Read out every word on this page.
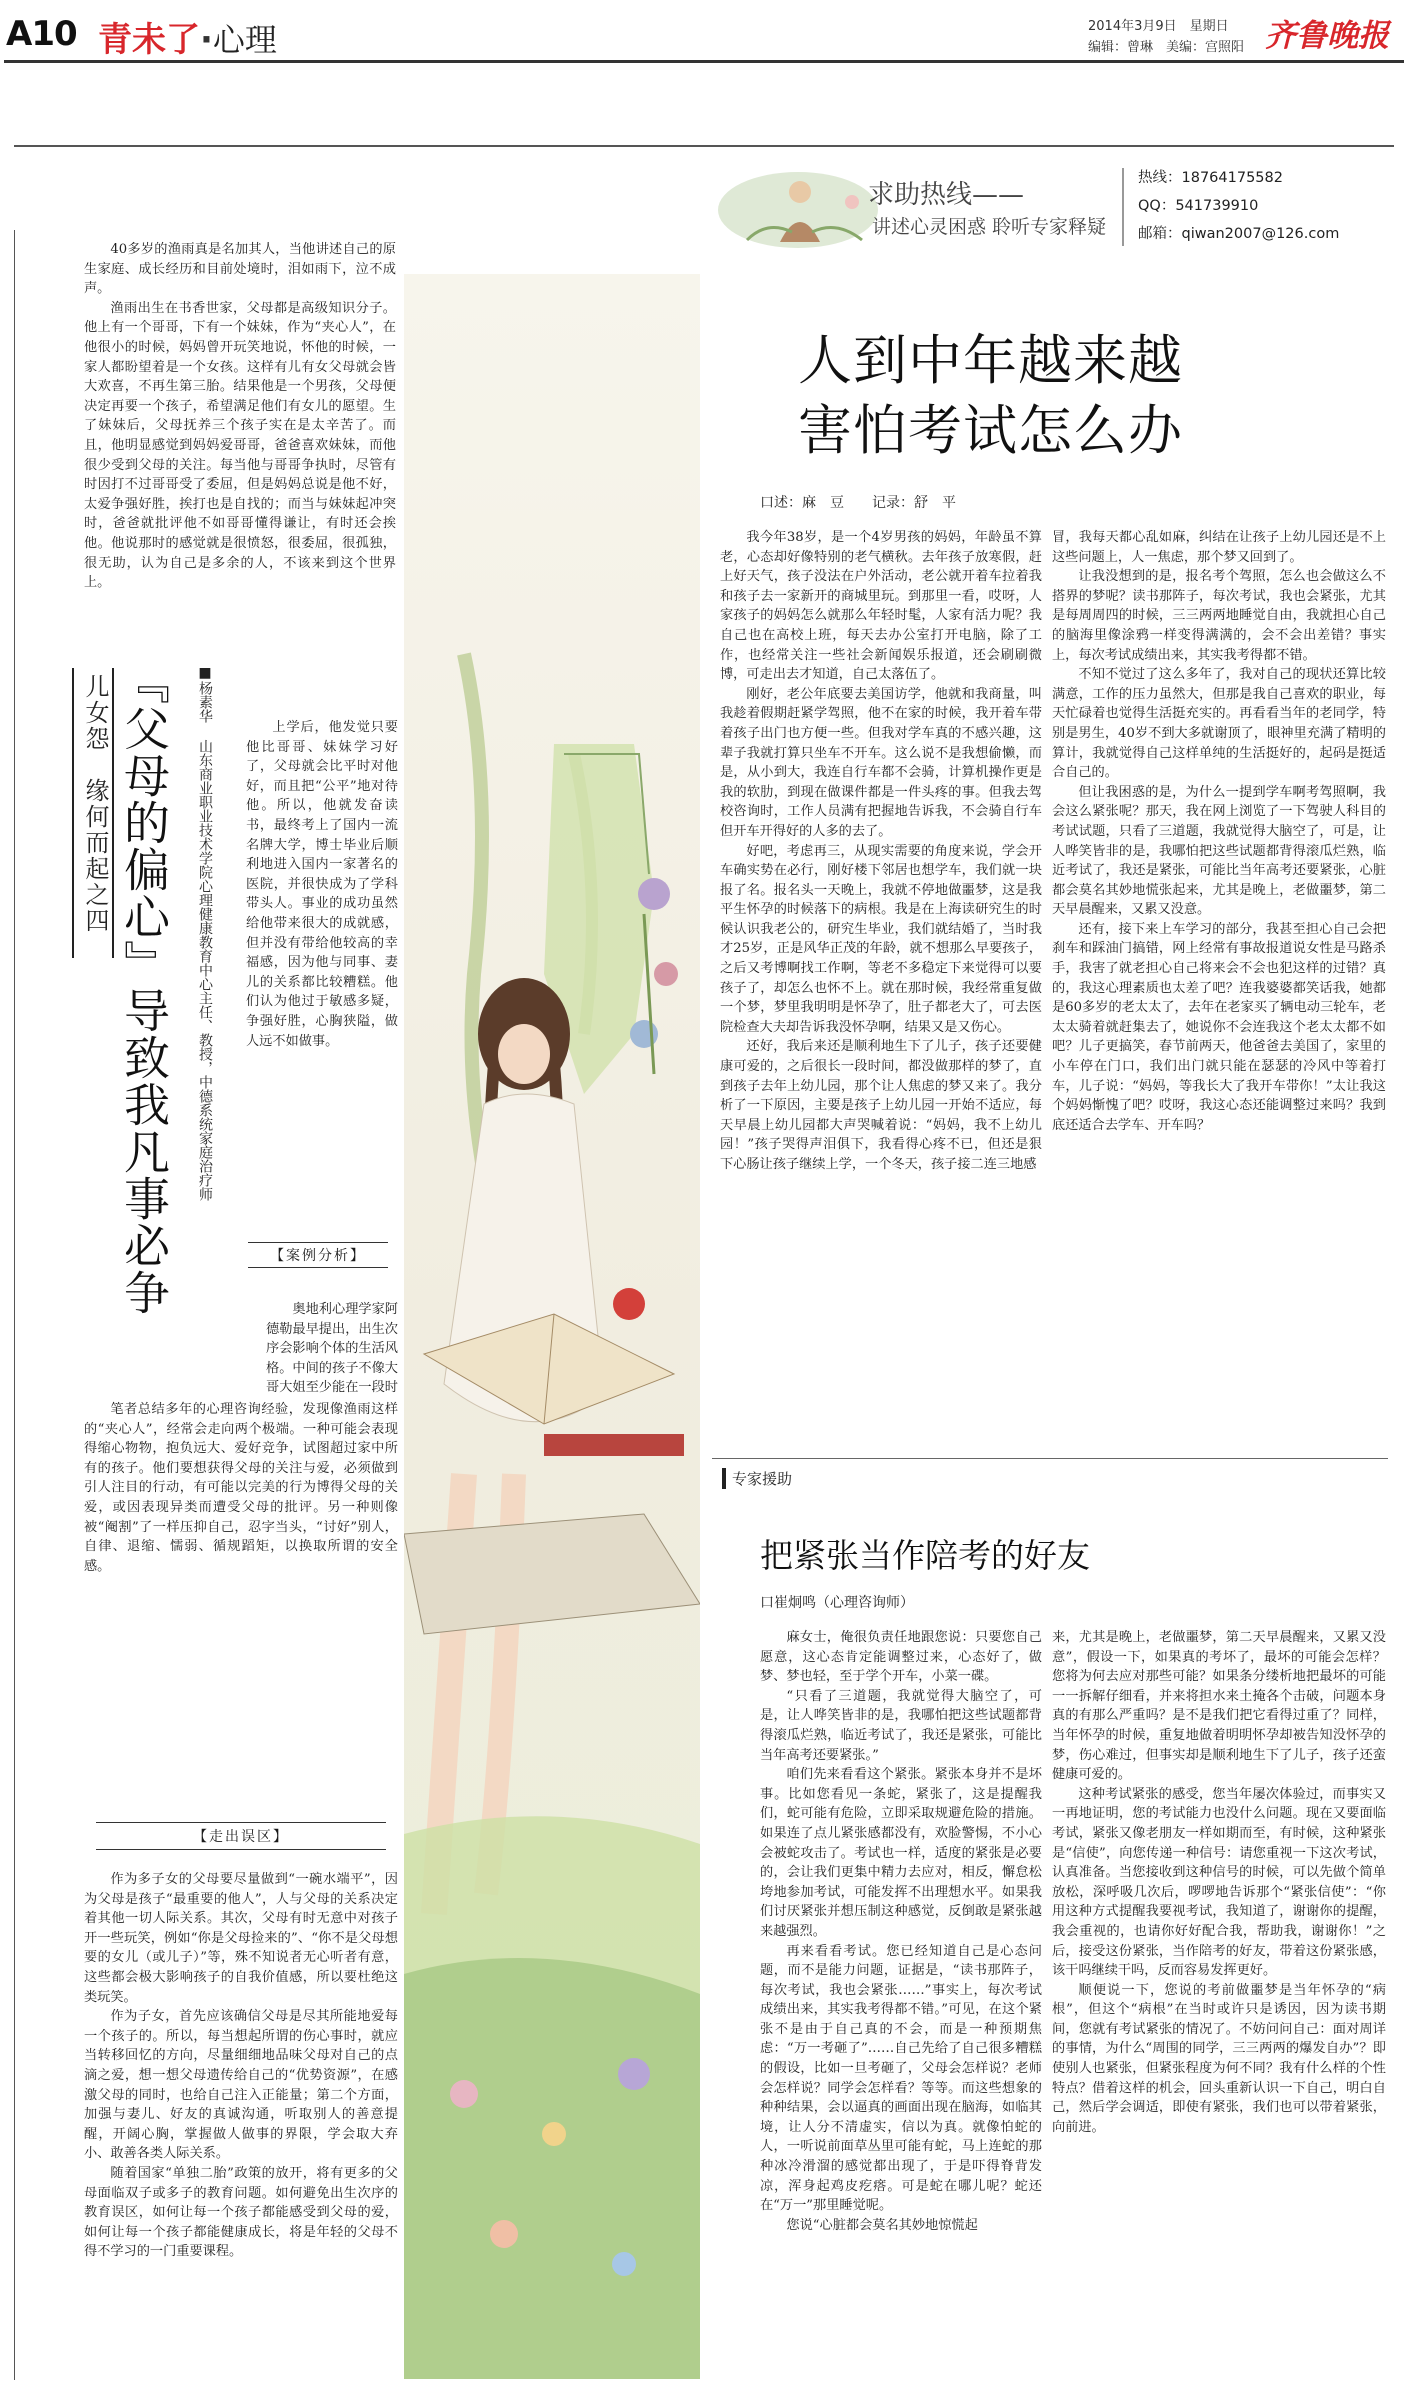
A10 青未了·心理	2014年3月9日　星期日
编辑：曾琳　美编：宫照阳 齐鲁晚报
求助热线——
讲述心灵困惑 聆听专家释疑
热线：18764175582
QQ：541739910
邮箱：qiwan2007@126.com

40多岁的渔雨真是名加其人，当他讲述自己的原生家庭、成长经历和目前处境时，泪如雨下，泣不成声。

渔雨出生在书香世家，父母都是高级知识分子。他上有一个哥哥，下有一个妹妹，作为“夹心人”，在他很小的时候，妈妈曾开玩笑地说，怀他的时候，一家人都盼望着是一个女孩。这样有儿有女父母就会皆大欢喜，不再生第三胎。结果他是一个男孩，父母便决定再要一个孩子，希望满足他们有女儿的愿望。生了妹妹后，父母抚养三个孩子实在是太辛苦了。而且，他明显感觉到妈妈爱哥哥，爸爸喜欢妹妹，而他很少受到父母的关注。每当他与哥哥争执时，尽管有时因打不过哥哥受了委屈，但是妈妈总说是他不好，太爱争强好胜，挨打也是自找的；而当与妹妹起冲突时，爸爸就批评他不如哥哥懂得谦让，有时还会挨他。他说那时的感觉就是很愤怒，很委屈，很孤独，很无助，认为自己是多余的人，不该来到这个世界上。

儿女怨　缘何而起之四 『父母的偏心』导致我凡事必争 ■杨素华 山东商业职业技术学院心理健康教育中心主任、教授，中德系统家庭治疗师	上学后，他发觉只要他比哥哥、妹妹学习好了，父母就会比平时对他好，而且把“公平”地对待他。所以，他就发奋读书，最终考上了国内一流名牌大学，博士毕业后顺利地进入国内一家著名的医院，并很快成为了学科带头人。事业的成功虽然给他带来很大的成就感，但并没有带给他较高的幸福感，因为他与同事、妻儿的关系都比较糟糕。他们认为他过于敏感多疑，争强好胜，心胸狭隘，做人远不如做事。

【案例分析】

奥地利心理学家阿德勒最早提出，出生次序会影响个体的生活风格。中间的孩子不像大哥大姐至少能在一段时

笔者总结多年的心理咨询经验，发现像渔雨这样的“夹心人”，经常会走向两个极端。一种可能会表现得缩心物物，抱负远大、爱好竞争，试图超过家中所有的孩子。他们要想获得父母的关注与爱，必须做到引人注目的行动，有可能以完美的行为博得父母的关爱，或因表现异类而遭受父母的批评。另一种则像被“阉割”了一样压抑自己，忍字当头，“讨好”别人，自律、退缩、懦弱、循规蹈矩，以换取所谓的安全感。

【走出误区】

作为多子女的父母要尽量做到“一碗水端平”，因为父母是孩子“最重要的他人”，人与父母的关系决定着其他一切人际关系。其次，父母有时无意中对孩子开一些玩笑，例如“你是父母捡来的”、“你不是父母想要的女儿（或儿子）”等，殊不知说者无心听者有意，这些都会极大影响孩子的自我价值感，所以要杜绝这类玩笑。

作为子女，首先应该确信父母是尽其所能地爱每一个孩子的。所以，每当想起所谓的伤心事时，就应当转移回忆的方向，尽量细细地品味父母对自己的点滴之爱，想一想父母遗传给自己的“优势资源”，在感激父母的同时，也给自己注入正能量；第二个方面，加强与妻儿、好友的真诚沟通，听取别人的善意提醒，开阔心胸，掌握做人做事的界限，学会取大弃小、敢善各类人际关系。

随着国家“单独二胎”政策的放开，将有更多的父母面临双子或多子的教育问题。如何避免出生次序的教育误区，如何让每一个孩子都能感受到父母的爱，如何让每一个孩子都能健康成长，将是年轻的父母不得不学习的一门重要课程。

人到中年越来越
害怕考试怎么办
口述：麻　豆　　记录：舒　平

我今年38岁，是一个4岁男孩的妈妈，年龄虽不算老，心态却好像特别的老气横秋。去年孩子放寒假，赶上好天气，孩子没法在户外活动，老公就开着车拉着我和孩子去一家新开的商城里玩。到那里一看，哎呀，人家孩子的妈妈怎么就那么年轻时髦，人家有活力呢？我自己也在高校上班，每天去办公室打开电脑，除了工作，也经常关注一些社会新闻娱乐报道，还会刷刷微博，可走出去才知道，自己太落伍了。

刚好，老公年底要去美国访学，他就和我商量，叫我趁着假期赶紧学驾照，他不在家的时候，我开着车带着孩子出门也方便一些。但我对学车真的不感兴趣，这辈子我就打算只坐车不开车。这么说不是我想偷懒，而是，从小到大，我连自行车都不会骑，计算机操作更是我的软肋，到现在做课件都是一件头疼的事。但我去驾校咨询时，工作人员满有把握地告诉我，不会骑自行车但开车开得好的人多的去了。

好吧，考虑再三，从现实需要的角度来说，学会开车确实势在必行，刚好楼下邻居也想学车，我们就一块报了名。报名头一天晚上，我就不停地做噩梦，这是我平生怀孕的时候落下的病根。我是在上海读研究生的时候认识我老公的，研究生毕业，我们就结婚了，当时我才25岁，正是风华正茂的年龄，就不想那么早要孩子，之后又考博啊找工作啊，等老不多稳定下来觉得可以要孩子了，却怎么也怀不上。就在那时候，我经常重复做一个梦，梦里我明明是怀孕了，肚子都老大了，可去医院检查大夫却告诉我没怀孕啊，结果又是又伤心。

还好，我后来还是顺利地生下了儿子，孩子还要健康可爱的，之后很长一段时间，都没做那样的梦了，直到孩子去年上幼儿园，那个让人焦虑的梦又来了。我分析了一下原因，主要是孩子上幼儿园一开始不适应，每天早晨上幼儿园都大声哭喊着说：“妈妈，我不上幼儿园！”孩子哭得声泪俱下，我看得心疼不已，但还是狠下心肠让孩子继续上学，一个冬天，孩子接二连三地感

冒，我每天都心乱如麻，纠结在让孩子上幼儿园还是不上这些问题上，人一焦虑，那个梦又回到了。

让我没想到的是，报名考个驾照，怎么也会做这么不搭界的梦呢？读书那阵子，每次考试，我也会紧张，尤其是每周周四的时候，三三两两地睡觉自由，我就担心自己的脑海里像涂鸦一样变得满满的，会不会出差错？事实上，每次考试成绩出来，其实我考得都不错。

不知不觉过了这么多年了，我对自己的现状还算比较满意，工作的压力虽然大，但那是我自己喜欢的职业，每天忙碌着也觉得生活挺充实的。再看看当年的老同学，特别是男生，40岁不到大多就谢顶了，眼神里充满了精明的算计，我就觉得自己这样单纯的生活挺好的，起码是挺适合自己的。

但让我困惑的是，为什么一提到学车啊考驾照啊，我会这么紧张呢？那天，我在网上浏览了一下驾驶人科目的考试试题，只看了三道题，我就觉得大脑空了，可是，让人哗笑皆非的是，我哪怕把这些试题都背得滚瓜烂熟，临近考试了，我还是紧张，可能比当年高考还要紧张，心脏都会莫名其妙地慌张起来，尤其是晚上，老做噩梦，第二天早晨醒来，又累又没意。

还有，接下来上车学习的部分，我甚至担心自己会把刹车和踩油门搞错，网上经常有事故报道说女性是马路杀手，我害了就老担心自己将来会不会也犯这样的过错？真的，我这心理素质也太差了吧？连我婆婆都笑话我，她都是60多岁的老太太了，去年在老家买了辆电动三轮车，老太太骑着就赶集去了，她说你不会连我这个老太太都不如吧？儿子更搞笑，春节前两天，他爸爸去美国了，家里的小车停在门口，我们出门就只能在瑟瑟的冷风中等着打车，儿子说：“妈妈，等我长大了我开车带你！”太让我这个妈妈惭愧了吧？哎呀，我这心态还能调整过来吗？我到底还适合去学车、开车吗？

专家援助
把紧张当作陪考的好友
口崔炯鸣（心理咨询师）

麻女士，俺很负责任地跟您说：只要您自己愿意，这心态肯定能调整过来，心态好了，做梦、梦也轻，至于学个开车，小菜一碟。

“只看了三道题，我就觉得大脑空了，可是，让人哗笑皆非的是，我哪怕把这些试题都背得滚瓜烂熟，临近考试了，我还是紧张，可能比当年高考还要紧张。”

咱们先来看看这个紧张。紧张本身并不是坏事。比如您看见一条蛇，紧张了，这是提醒我们，蛇可能有危险，立即采取规避危险的措施。如果连了点儿紧张感都没有，欢脸警惕，不小心会被蛇攻击了。考试也一样，适度的紧张是必要的，会让我们更集中精力去应对，相反，懈怠松垮地参加考试，可能发挥不出理想水平。如果我们讨厌紧张并想压制这种感觉，反倒敢是紧张越来越强烈。

再来看看考试。您已经知道自己是心态问题，而不是能力问题，证据是，“读书那阵子，每次考试，我也会紧张……”事实上，每次考试成绩出来，其实我考得都不错。”可见，在这个紧张不是由于自己真的不会，而是一种预期焦虑：“万一考砸了”……自己先给了自己很多糟糕的假设，比如一旦考砸了，父母会怎样说？老师会怎样说？同学会怎样看？等等。而这些想象的种种结果，会以逼真的画面出现在脑海，如临其境，让人分不清虚实，信以为真。就像怕蛇的人，一听说前面草丛里可能有蛇，马上连蛇的那种冰冷滑溜的感觉都出现了，于是吓得脊背发凉，浑身起鸡皮疙瘩。可是蛇在哪儿呢？蛇还在“万一”那里睡觉呢。

您说“心脏都会莫名其妙地惊慌起

来，尤其是晚上，老做噩梦，第二天早晨醒来，又累又没意”，假设一下，如果真的考坏了，最坏的可能会怎样？您将为何去应对那些可能？如果条分缕析地把最坏的可能一一拆解仔细看，并来将担水来土掩各个击破，问题本身真的有那么严重吗？是不是我们把它看得过重了？同样，当年怀孕的时候，重复地做着明明怀孕却被告知没怀孕的梦，伤心难过，但事实却是顺利地生下了儿子，孩子还蛮健康可爱的。

这种考试紧张的感受，您当年屡次体验过，而事实又一再地证明，您的考试能力也没什么问题。现在又要面临考试，紧张又像老朋友一样如期而至，有时候，这种紧张是“信使”，向您传递一种信号：请您重视一下这次考试，认真准备。当您接收到这种信号的时候，可以先做个简单放松，深呼吸几次后，啰啰地告诉那个“紧张信使”：“你用这种方式提醒我要视考试，我知道了，谢谢你的提醒，我会重视的，也请你好好配合我，帮助我，谢谢你！”之后，接受这份紧张，当作陪考的好友，带着这份紧张感，该干吗继续干吗，反而容易发挥更好。

顺便说一下，您说的考前做噩梦是当年怀孕的“病根”，但这个“病根”在当时或许只是诱因，因为读书期间，您就有考试紧张的情况了。不妨问问自己：面对周详的事情，为什么“周围的同学，三三两两的爆发自办”？即使别人也紧张，但紧张程度为何不同？我有什么样的个性特点？借着这样的机会，回头重新认识一下自己，明白自己，然后学会调适，即使有紧张，我们也可以带着紧张，向前进。
